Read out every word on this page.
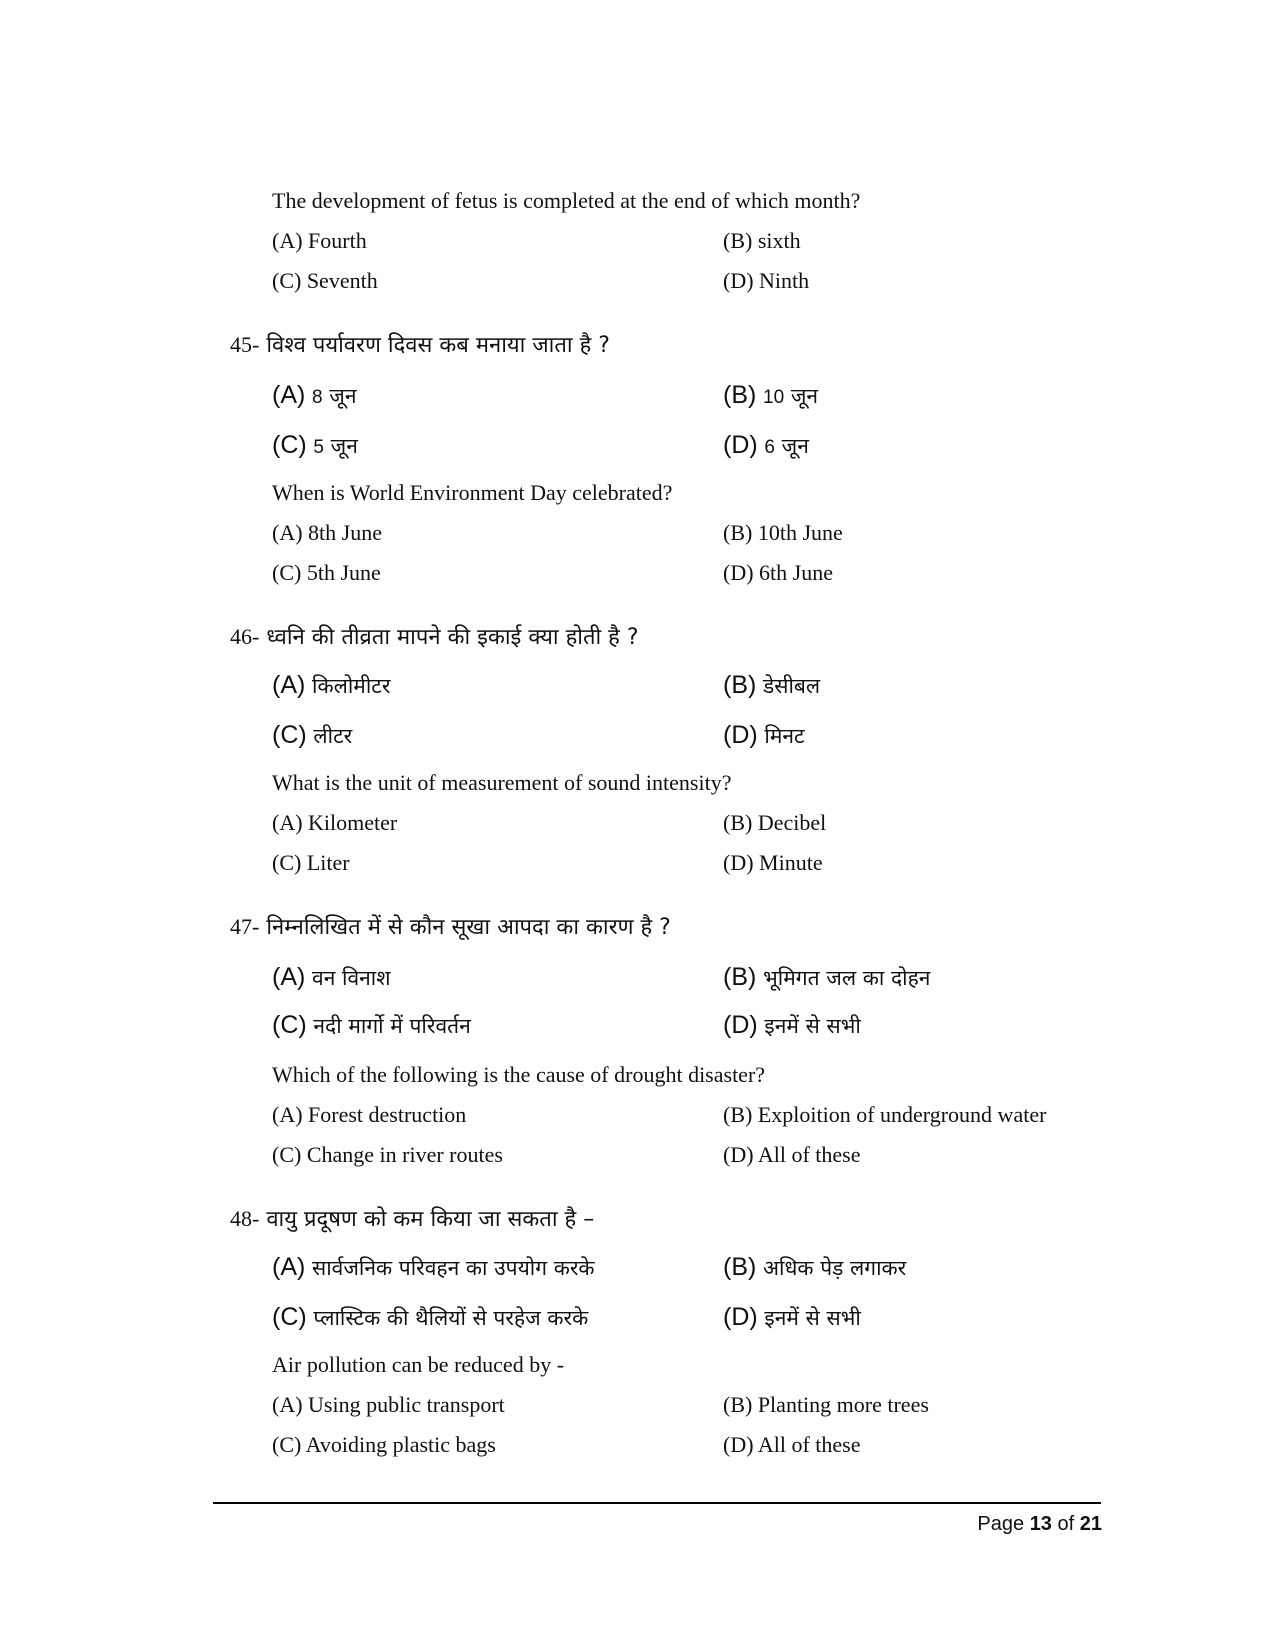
The development of fetus is completed at the end of which month?
(A) Fourth	(B) sixth
(C) Seventh	(D) Ninth
45- विश्व पर्यावरण दिवस कब मनाया जाता है ?
(A) 8 जून	(B) 10 जून
(C) 5 जून	(D) 6 जून
When is World Environment Day celebrated?
(A) 8th June	(B) 10th June
(C) 5th June	(D) 6th June
46- ध्वनि की तीव्रता मापने की इकाई क्या होती है ?
(A) किलोमीटर	(B) डेसीबल
(C) लीटर	(D) मिनट
What is the unit of measurement of sound intensity?
(A) Kilometer	(B) Decibel
(C) Liter	(D) Minute
47- निम्नलिखित में से कौन सूखा आपदा का कारण है ?
(A) वन विनाश	(B) भूमिगत जल का दोहन
(C) नदी मार्गो में परिवर्तन	(D) इनमें से सभी
Which of the following is the cause of drought disaster?
(A) Forest destruction	(B) Exploition of underground water
(C) Change in river routes	(D) All of these
48- वायु प्रदूषण को कम किया जा सकता है –
(A) सार्वजनिक परिवहन का उपयोग करके	(B) अधिक पेड़ लगाकर
(C) प्लास्टिक की थैलियों से परहेज करके	(D) इनमें से सभी
Air pollution can be reduced by -
(A) Using public transport	(B) Planting more trees
(C) Avoiding plastic bags	(D) All of these
Page 13 of 21
